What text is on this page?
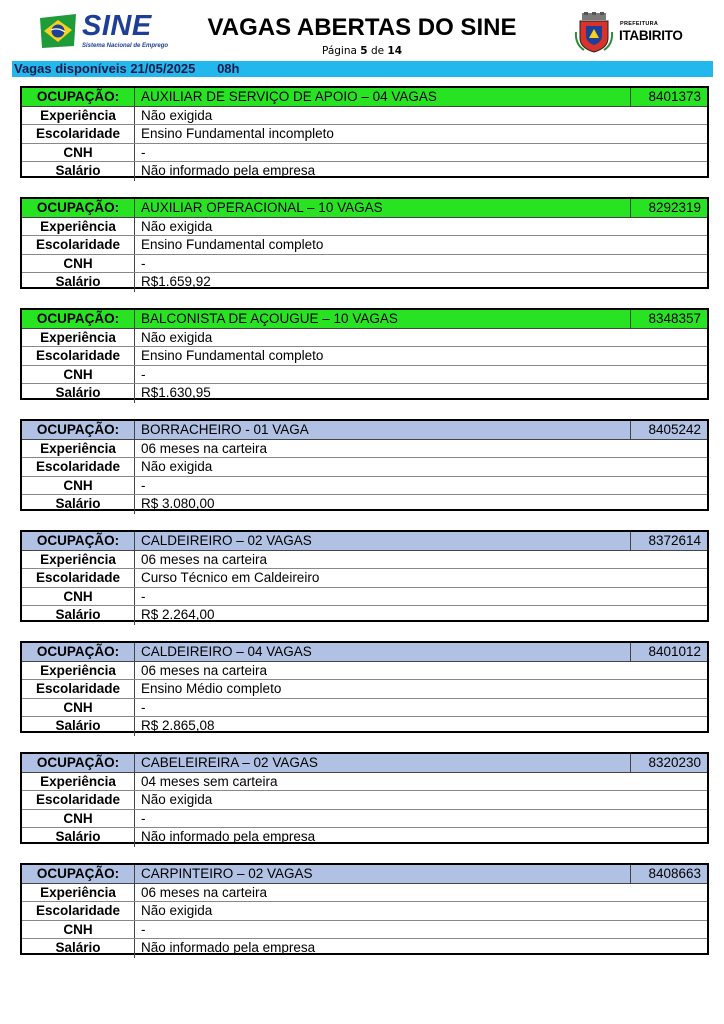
SINE
Sistema Nacional de Emprego
VAGAS ABERTAS DO SINE
Página 5 de 14
PREFEITURA
ITABIRITO
Vagas disponíveis 21/05/2025 08h
OCUPAÇÃO:	AUXILIAR DE SERVIÇO DE APOIO – 04 VAGAS	8401373
Experiência	Não exigida
Escolaridade	Ensino Fundamental incompleto
CNH	-
Salário	Não informado pela empresa
OCUPAÇÃO:	AUXILIAR OPERACIONAL – 10 VAGAS	8292319
Experiência	Não exigida
Escolaridade	Ensino Fundamental completo
CNH	-
Salário	R$1.659,92
OCUPAÇÃO:	BALCONISTA DE AÇOUGUE – 10 VAGAS	8348357
Experiência	Não exigida
Escolaridade	Ensino Fundamental completo
CNH	-
Salário	R$1.630,95
OCUPAÇÃO:	BORRACHEIRO - 01 VAGA	8405242
Experiência	06 meses na carteira
Escolaridade	Não exigida
CNH	-
Salário	R$ 3.080,00
OCUPAÇÃO:	CALDEIREIRO – 02 VAGAS	8372614
Experiência	06 meses na carteira
Escolaridade	Curso Técnico em Caldeireiro
CNH	-
Salário	R$ 2.264,00
OCUPAÇÃO:	CALDEIREIRO – 04 VAGAS	8401012
Experiência	06 meses na carteira
Escolaridade	Ensino Médio completo
CNH	-
Salário	R$ 2.865,08
OCUPAÇÃO:	CABELEIREIRA – 02 VAGAS	8320230
Experiência	04 meses sem carteira
Escolaridade	Não exigida
CNH	-
Salário	Não informado pela empresa
OCUPAÇÃO:	CARPINTEIRO – 02 VAGAS	8408663
Experiência	06 meses na carteira
Escolaridade	Não exigida
CNH	-
Salário	Não informado pela empresa
